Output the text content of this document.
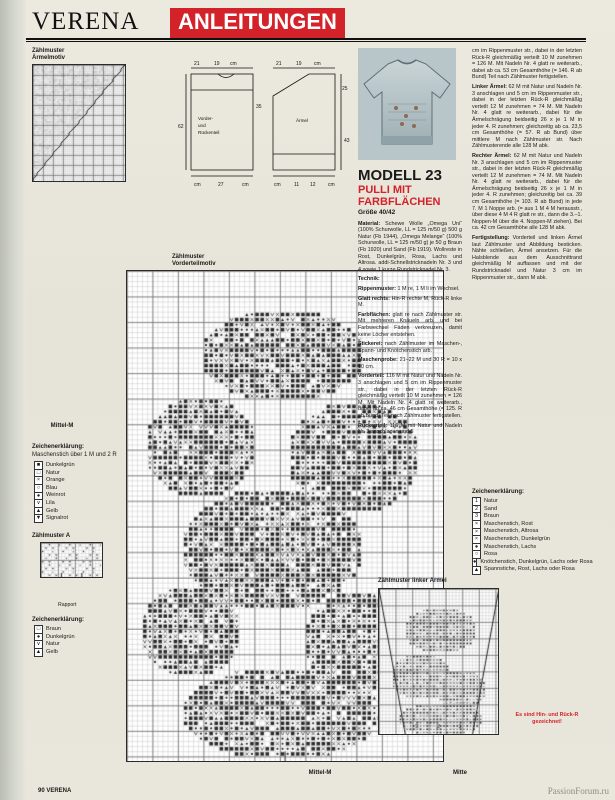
VERENA	ANLEITUNGEN
Zählmuster
Ärmelmotiv
Mittel-M
Zeichenerklärung:
Maschenstich über 1 M und 2 R
■	Dunkelgrün
□	Natur
×	Orange
○	Blau
●	Weinrot
∨ Lila
▲ Gelb
▼ Signalrot
Zählmuster A
Rapport
Zeichenerklärung:
□	Braun
●	Dunkelgrün
∨ Natur
▲ Gelb
Zählmuster
Vorderteilmotiv
Mittel-M
Zählmuster linker Ärmel
Mitte
Es sind Hin- und Rück-R gezeichnet!
21	19 cm	21	19 cm
62
35
25
43
cm	27	cm	cm	11 12 cm
Vorder-
und
Rückenteil
Ärmel
MODELL 23
PULLI MIT
FARBFLÄCHEN
Größe 40/42

Material: Schewe Wolle „Omega Uni“ (100% Schurwolle, LL = 125 m/50 g) 500 g Natur (Fb 1944), „Omega Melange“ (100% Schurwolle, LL = 125 m/50 g) je 50 g Braun (Fb 1920) und Sand (Fb 1919). Wollreste in Rost, Dunkelgrün, Rosa, Lachs und Altrosa. addi-Schnellstricknadeln Nr. 3 und 4 sowie 1 kurze Rundstricknadel Nr. 3.

Technik:

Rippenmuster: 1 M re, 1 M li im Wechsel.

Glatt rechts: Hin-R rechte M, Rück-R linke M.

Farbflächen: glatt re nach Zählmuster str. Mit mehreren Knäueln arb. und bei Farbwechsel Fäden verkreuzen, damit keine Löcher entstehen.

Stickerei: nach Zählmuster im Maschen-, Spann- und Knötchenstich arb.

Maschenprobe: 21–22 M und 30 R = 10 x 10 cm.

Vorderteil: 116 M mit Natur und Nadeln Nr. 3 anschlagen und 5 cm im Rippenmuster str., dabei in der letzten Rück-R gleichmäßig verteilt 10 M zunehmen = 126 M. Mit Nadeln Nr. 4 glatt re weiterarb., dabei ab ca. 46 cm Gesamthöhe (= 125. R ab Bund) Teil nach Zählmuster fertigstellen.

Rückenteil: 116 M mit Natur und Nadeln Nr. 3 anschlagen und 5

cm im Rippenmuster str., dabei in der letzten Rück-R gleichmäßig verteilt 10 M zunehmen = 126 M. Mit Nadeln Nr. 4 glatt re weiterarb., dabei ab ca. 53 cm Gesamthöhe (= 146. R ab Bund) Teil nach Zählmuster fertigstellen.

Linker Ärmel: 62 M mit Natur und Nadeln Nr. 3 anschlagen und 5 cm im Rippenmuster str., dabei in der letzten Rück-R gleichmäßig verteilt 12 M zunehmen = 74 M. Mit Nadeln Nr. 4 glatt re weiterarb., dabei für die Ärmelschrägung beidseitig 26 x je 1 M in jeder 4. R zunehmen; gleichzeitig ab ca. 23,5 cm Gesamthöhe (= 57. R ab Bund) über mittlere M nach Zählmuster str. Nach Zählmusterende alle 128 M abk.

Rechter Ärmel: 62 M mit Natur und Nadeln Nr. 3 anschlagen und 5 cm im Rippenmuster str., dabei in der letzten Rück-R gleichmäßig verteilt 12 M zunehmen = 74 M. Mit Nadeln Nr. 4 glatt re weiterarb., dabei für die Ärmelschrägung beidseitig 26 x je 1 M in jeder 4. R zunehmen; gleichzeitig bei ca. 39 cm Gesamthöhe (= 103. R ab Bund) in jede 7. M 1 Noppe arb. (= aus 1 M 4 M herausstr., über diese 4 M 4 R glatt re str., dann die 3.–1. Noppen-M über die 4. Noppen-M ziehen). Bei ca. 42 cm Gesamthöhe alle 128 M abk.

Fertigstellung: Vorderteil und linken Ärmel laut Zählmuster und Abbildung besticken. Nähte schließen, Ärmel ansetzen. Für die Halsblende aus dem Ausschnittrand gleichmäßig M auffassen und mit der Rundstricknadel und Natur 3 cm im Rippenmuster str., dann M abk.

Zeichenerklärung:
1	Natur
2	Sand
3	Braun
×	Maschenstich, Rost
×	Maschenstich, Altrosa
×	Maschenstich, Dunkelgrün
●	Maschenstich, Lachs
○	Rosa
● Knötchenstich, Dunkelgrün, Lachs oder Rosa
▲ Spannstiche, Rost, Lachs oder Rosa
90 VERENA	PassionForum.ru
